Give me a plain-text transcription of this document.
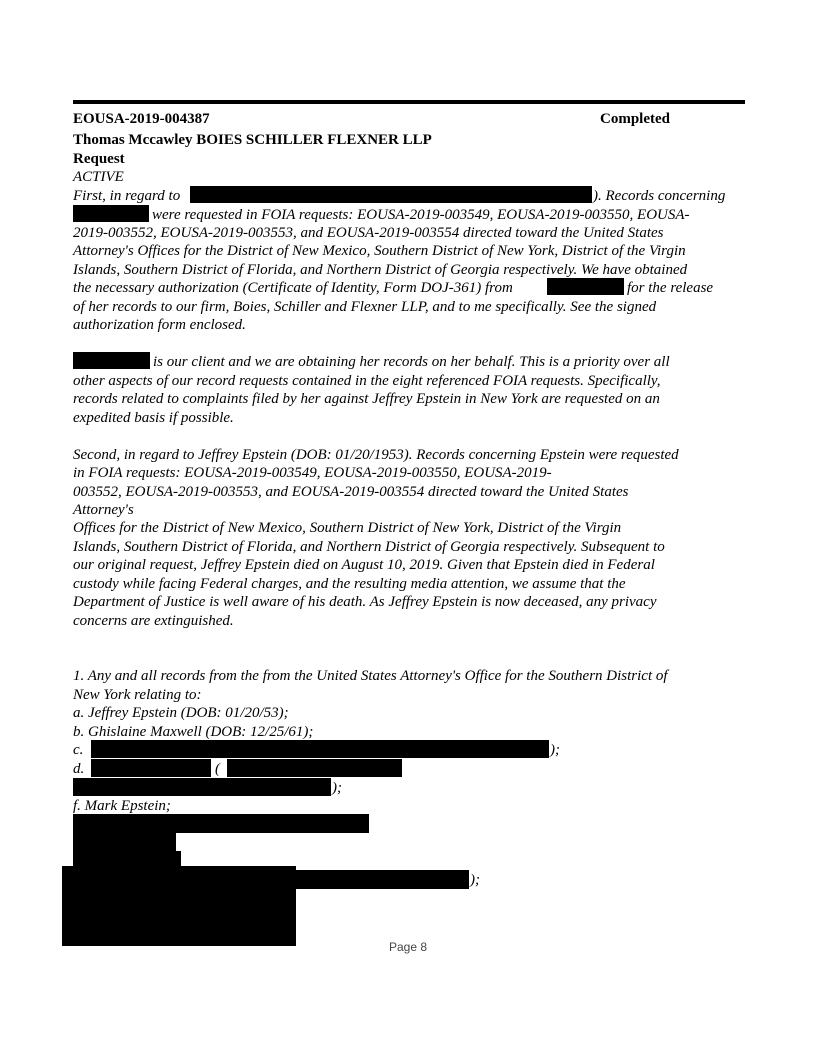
EOUSA-2019-004387	Completed
Thomas Mccawley BOIES SCHILLER FLEXNER LLP
Request
ACTIVE
First, in regard to	). Records concerning
were requested in FOIA requests: EOUSA-2019-003549, EOUSA-2019-003550, EOUSA-
2019-003552, EOUSA-2019-003553, and EOUSA-2019-003554 directed toward the United States
Attorney's Offices for the District of New Mexico, Southern District of New York, District of the Virgin
Islands, Southern District of Florida, and Northern District of Georgia respectively. We have obtained
the necessary authorization (Certificate of Identity, Form DOJ-361) from	for the release
of her records to our firm, Boies, Schiller and Flexner LLP, and to me specifically. See the signed
authorization form enclosed.
is our client and we are obtaining her records on her behalf. This is a priority over all
other aspects of our record requests contained in the eight referenced FOIA requests. Specifically,
records related to complaints filed by her against Jeffrey Epstein in New York are requested on an
expedited basis if possible.
Second, in regard to Jeffrey Epstein (DOB: 01/20/1953). Records concerning Epstein were requested
in FOIA requests: EOUSA-2019-003549, EOUSA-2019-003550, EOUSA-2019-
003552, EOUSA-2019-003553, and EOUSA-2019-003554 directed toward the United States
Attorney's
Offices for the District of New Mexico, Southern District of New York, District of the Virgin
Islands, Southern District of Florida, and Northern District of Georgia respectively. Subsequent to
our original request, Jeffrey Epstein died on August 10, 2019. Given that Epstein died in Federal
custody while facing Federal charges, and the resulting media attention, we assume that the
Department of Justice is well aware of his death. As Jeffrey Epstein is now deceased, any privacy
concerns are extinguished.
1. Any and all records from the from the United States Attorney's Office for the Southern District of
New York relating to:
a. Jeffrey Epstein (DOB: 01/20/53);
b. Ghislaine Maxwell (DOB: 12/25/61);
c.	);
d.	(
);
f. Mark Epstein;
);
Page 8
